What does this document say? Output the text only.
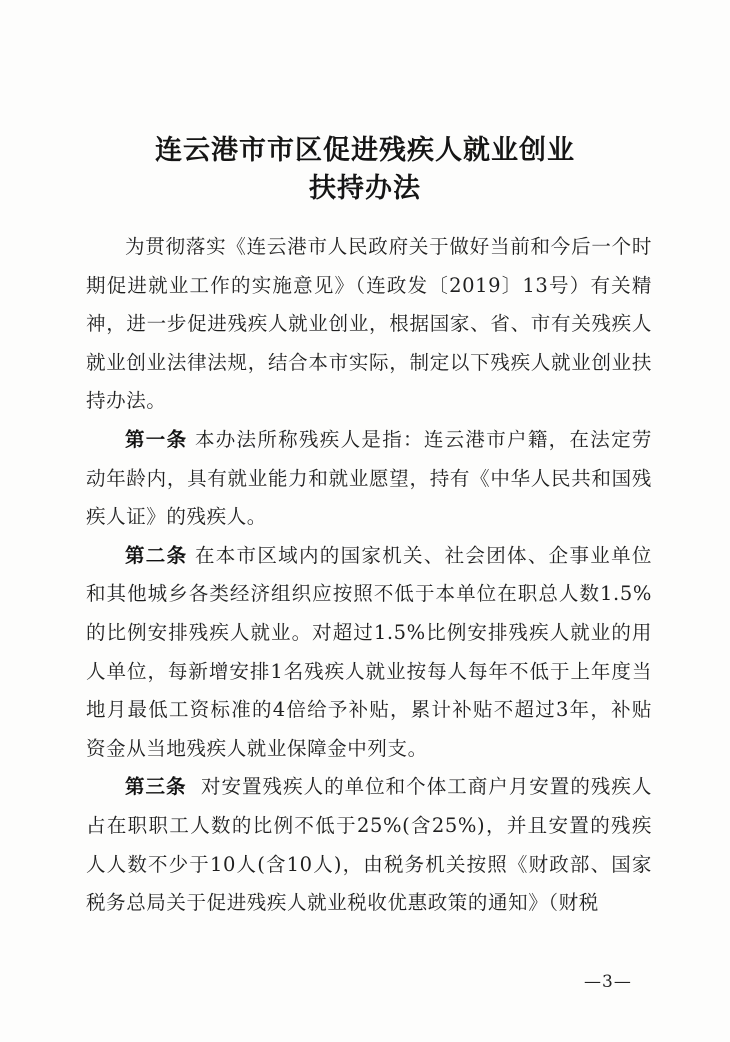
连云港市市区促进残疾人就业创业
扶持办法

为贯彻落实《连云港市人民政府关于做好当前和今后一个时期促进就业工作的实施意见》（连政发〔2019〕13号）有关精神，进一步促进残疾人就业创业，根据国家、省、市有关残疾人就业创业法律法规，结合本市实际，制定以下残疾人就业创业扶持办法。

第一条 本办法所称残疾人是指：连云港市户籍，在法定劳动年龄内，具有就业能力和就业愿望，持有《中华人民共和国残疾人证》的残疾人。

第二条 在本市区域内的国家机关、社会团体、企事业单位和其他城乡各类经济组织应按照不低于本单位在职总人数1.5%的比例安排残疾人就业。对超过1.5%比例安排残疾人就业的用人单位，每新增安排1名残疾人就业按每人每年不低于上年度当地月最低工资标准的4倍给予补贴，累计补贴不超过3年，补贴资金从当地残疾人就业保障金中列支。

第三条 对安置残疾人的单位和个体工商户月安置的残疾人占在职职工人数的比例不低于25%(含25%)，并且安置的残疾人人数不少于10人(含10人)，由税务机关按照《财政部、国家税务总局关于促进残疾人就业税收优惠政策的通知》（财税

—3—
